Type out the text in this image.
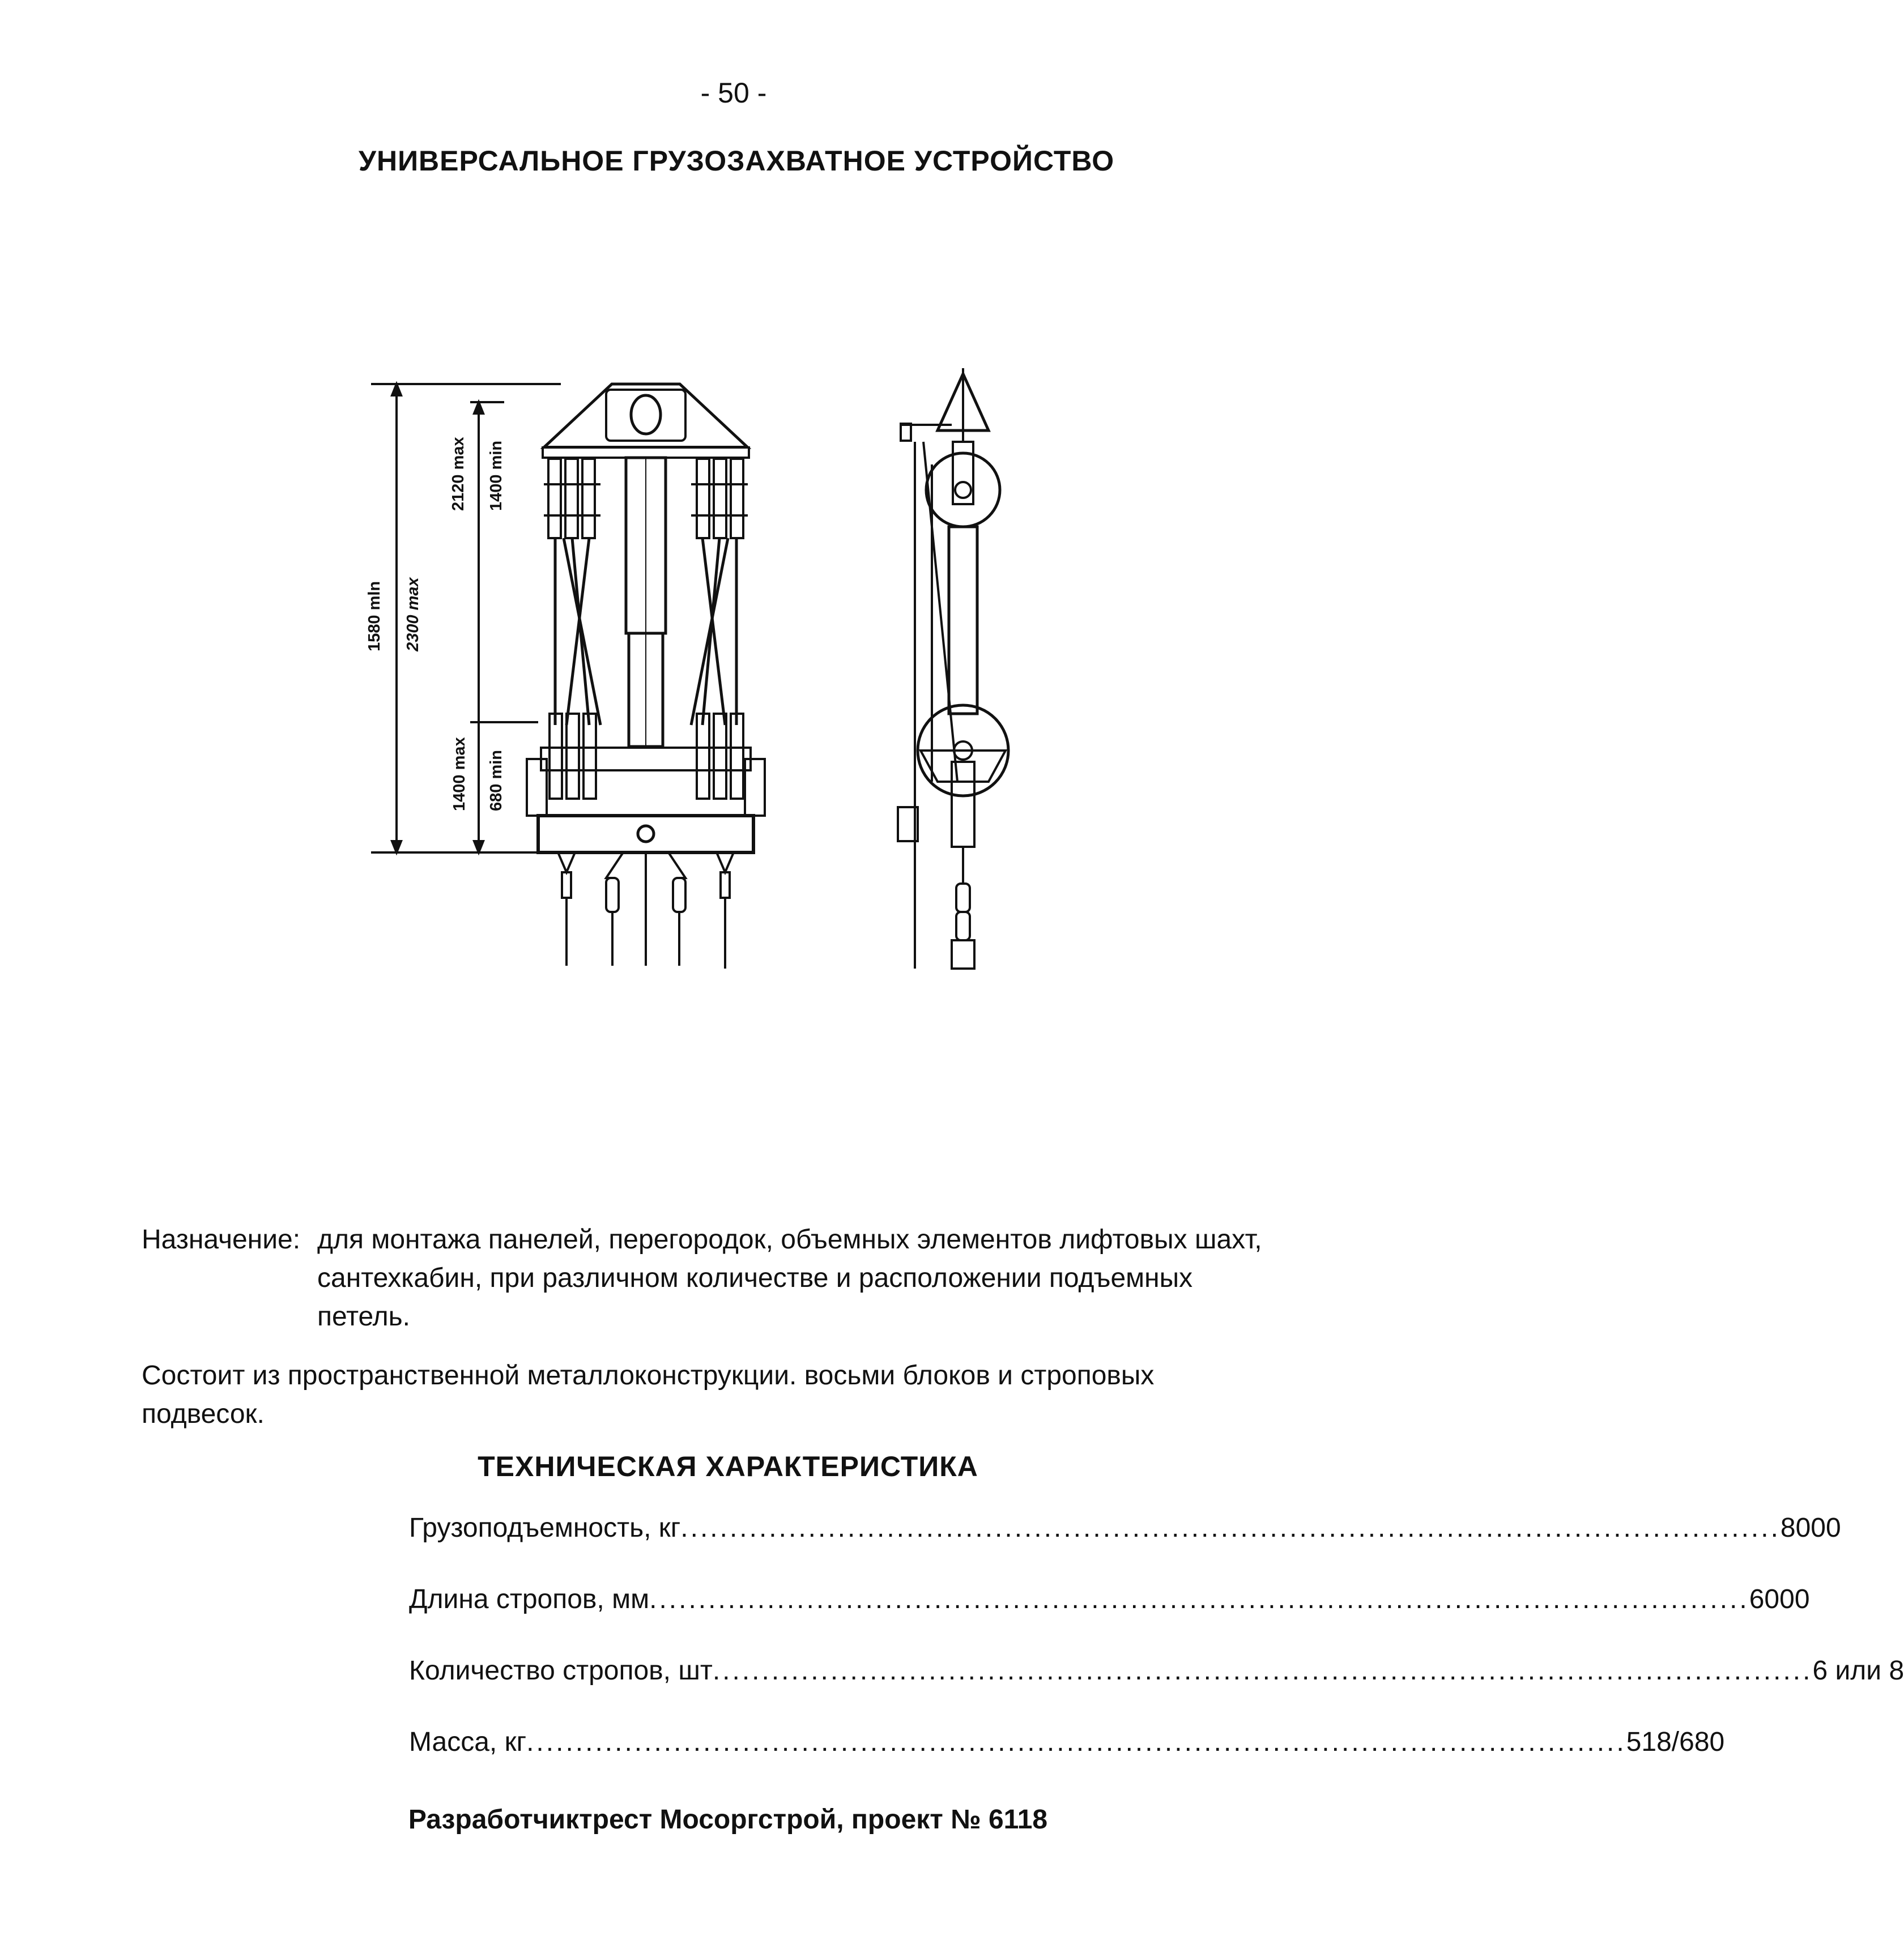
- 50 -
УНИВЕРСАЛЬНОЕ ГРУЗОЗАХВАТНОЕ УСТРОЙСТВО
1580 mln 2300 max
2120 max 1400 min
1400 max 680 min
Назначение: для монтажа панелей, перегородок, объемных элементов лифтовых шахт, сантехкабин, при различном количестве и расположении подъемных петель.
Состоит из пространственной металлоконструкции. восьми блоков и строповых подвесок.
ТЕХНИЧЕСКАЯ ХАРАКТЕРИСТИКА
Грузоподъемность, кг ................................................................................................................ 8000
Длина стропов, мм ................................................................................................................ 6000
Количество стропов, шт ................................................................................................................ 6 или 8
Масса, кг ................................................................................................................ 518/680
Разработчиктрест Мосоргстрой, проект № 6118
